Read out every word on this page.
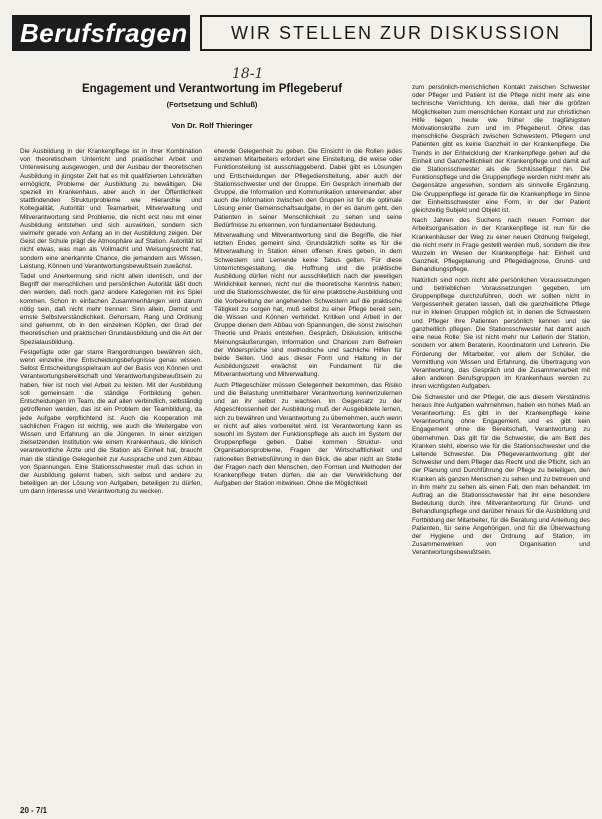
Berufsfragen	WIR STELLEN ZUR DISKUSSION
18-1
Engagement und Verantwortung im Pflegeberuf
(Fortsetzung und Schluß)
Von Dr. Rolf Thieringer

Die Ausbildung in der Krankenpflege ist in ihrer Kombination von theoretischem Unterricht und praktischer Arbeit und Unterweisung ausgewogen, und der Ausbau der theoretischen Ausbildung in jüngster Zeit hat es mit qualifizierten Lehrkräften ermöglicht, Probleme der Ausbildung zu bewältigen. Die speziell im Krankenhaus, aber auch in der Öffentlichkeit stattfindenden Strukturprobleme wie Hierarchie und Kollegialität, Autorität und Teamarbeit, Mitverwaltung und Mitverantwortung sind Probleme, die nicht erst neu mit einer Ausbildung entstehen und sich auswirken, sondern sich vielmehr gerade von Anfang an in der Ausbildung zeigen. Der Geist der Schule prägt die Atmosphäre auf Station. Autorität ist nicht etwas, was man als Vollmacht und Weisungsrecht hat, sondern eine anerkannte Chance, die jemandem aus Wissen, Leistung, Können und Verantwortungsbewußtsein zuwächst.

Tadel und Anerkennung sind nicht allein identisch, und der Begriff der menschlichen und persönlichen Autorität läßt doch den werden, daß noch ganz andere Kategorien mit ins Spiel kommen. Schon in einfachen Zusammenhängen wird darum nötig sein, daß nicht mehr trennen: Sinn allein, Demut und ernste Selbstverständlichkeit. Gehorsam, Rang und Ordnung sind gehemmt, ob in den einzelnen Köpfen, der Grad der theoretischen und praktischen Grundausbildung und die Art der Spezialausbildung.

Festgefügte oder gar starre Rangordnungen bewähren sich, wenn einzelne ihre Entscheidungsbefugnisse genau wissen. Selbst Entscheidungsspielraum auf der Basis von Können und Verantwortungsbereitschaft und Verantwortungsbewußtsein zu haben, hier ist noch viel Arbeit zu leisten. Mit der Ausbildung soll gemeinsam die ständige Fortbildung gehen. Entscheidungen im Team, die auf allen verbindlich, selbständig getroffenen werden, das ist ein Problem der Teambildung, da jede Aufgabe verpflichtend ist. Auch die Kooperation mit sachlichen Fragen ist wichtig, wie auch die Weitergabe von Wissen und Erfahrung an die Jüngeren. In einer einzigen zielsetzenden Institution wie einem Krankenhaus, die klinisch verantwortliche Ärzte und die Station als Einheit hat, braucht man die ständige Gelegenheit zur Aussprache und zum Abbau von Spannungen. Eine Stationsschwester muß das schon in der Ausbildung gelernt haben, sich selbst und andere zu beteiligen an der Lösung von Aufgaben, beteiligen zu dürfen, um dann Interesse und Verantwortung zu wecken.

ehende Gelegenheit zu geben. Die Einsicht in die Rollen jedes einzelnen Mitarbeiters erfordert eine Einstellung, die weise oder Funktionsteilung ist ausschlaggebend. Dabei gibt es Lösungen und Entscheidungen der Pflegedienstleitung, aber auch der Stationsschwester und der Gruppe. Ein Gespräch innerhalb der Gruppe, die Information und Kommunikation untereinander, aber auch die Information zwischen den Gruppen ist für die optimale Lösung einer Gemeinschaftsaufgabe, in der es darum geht, den Patienten in seiner Menschlichkeit zu sehen und seine Bedürfnisse zu erkennen, von fundamentaler Bedeutung.

Mitverwaltung und Mitverantwortung sind die Begriffe, die hier letzten Endes gemeint sind. Grundsätzlich sollte es für die Mitverwaltung in Station einen offenen Kreis geben, in dem Schwestern und Lernende keine Tabus gelten. Für diese Unterrichtsgestaltung, die Hoffnung und die praktische Ausbildung dürfen nicht nur ausschließlich nach der jeweiligen Wirklichkeit kennen, nicht nur die theoretische Kenntnis haben; und die Stationsschwester, die für eine praktische Ausbildung und die Vorbereitung der angehenden Schwestern auf die praktische Tätigkeit zu sorgen hat, muß selbst zu einer Pflege bereit sein, die Wissen und Können verbindet. Kritiken und Arbeit in der Gruppe dienen dem Abbau von Spannungen, die sonst zwischen Theorie und Praxis entstehen. Gespräch, Diskussion, kritische Meinungsäußerungen, Information und Chancen zum Befreien der Widersprüche sind methodische und sachliche Hilfen für beide Seiten. Und aus dieser Form und Haltung in der Ausbildungszeit erwächst ein Fundament für die Mitverantwortung und Mitverwaltung.

Auch Pflegeschüler müssen Gelegenheit bekommen, das Risiko und die Belastung unmittelbarer Verantwortung kennenzulernen und an ihr selbst zu wachsen. Im Gegensatz zu der Abgeschlossenheit der Ausbildung muß der Ausgebildete lernen, sich zu bewähren und Verantwortung zu übernehmen, auch wenn er nicht auf alles vorbereitet wird. Ist Verantwortung kann es sowohl im System der Funktionspflege als auch im System der Gruppenpflege geben. Dabei kommen Struktur- und Organisationsprobleme, Fragen der Wirtschaftlichkeit und rationellen Betriebsführung in den Blick, die aber nicht an Stelle der Fragen nach den Menschen, den Formen und Methoden der Krankenpflege treten dürfen, die an der Verwirklichung der Aufgaben der Station mitwirken. Ohne die Möglichkeit

zum persönlich-menschlichen Kontakt zwischen Schwester oder Pfleger und Patient ist die Pflege nicht mehr als eine technische Verrichtung. Ich denke, daß hier die größten Möglichkeiten zum menschlichen Kontakt und zur christlichen Hilfe liegen heute wie früher die tragfähigsten Motivationskräfte zum und im Pflegeberuf. Ohne das menschliche Gespräch zwischen Schwestern, Pflegern und Patienten gibt es keine Ganzheit in der Krankenpflege. Die Trends in der Entwicklung der Krankenpflege gehen auf die Einheit und Ganzheitlichkeit der Krankenpflege und damit auf die Stationsschwester als die Schlüsselfigur hin. Die Funktionspflege und die Gruppenpflege werden nicht mehr als Gegensätze angesehen, sondern als sinnvolle Ergänzung. Die Gruppenpflege ist gerade für die Krankenpflege im Sinne der Einheitsschwester eine Form, in der der Patient gleichzeitig Subjekt und Objekt ist.

Nach Jahren des Suchens nach neuen Formen der Arbeitsorganisation in der Krankenpflege ist nun für die Krankenhäuser der Weg zu einer neuen Ordnung freigelegt, die nicht mehr in Frage gestellt werden muß, sondern die ihre Wurzeln im Wesen der Krankenpflege hat: Einheit und Ganzheit, Pflegeplanung und Pflegediagnose, Grund- und Behandlungspflege.

Natürlich sind noch nicht alle persönlichen Voraussetzungen und betrieblichen Voraussetzungen gegeben, um Gruppenpflege durchzuführen, doch wir sollten nicht in Vergessenheit geraten lassen, daß die ganzheitliche Pflege nur in kleinen Gruppen möglich ist, in denen die Schwestern und Pfleger ihre Patienten persönlich kennen und sie ganzheitlich pflegen. Die Stationsschwester hat damit auch eine neue Rolle: Sie ist nicht mehr nur Leiterin der Station, sondern vor allem Beraterin, Koordinatorin und Lehrerin. Die Förderung der Mitarbeiter, vor allem der Schüler, die Vermittlung von Wissen und Erfahrung, die Übertragung von Verantwortung, das Gespräch und die Zusammenarbeit mit allen anderen Berufsgruppen im Krankenhaus werden zu ihren wichtigsten Aufgaben.

Die Schwester und der Pfleger, die aus diesem Verständnis heraus ihre Aufgaben wahrnehmen, haben ein hohes Maß an Verantwortung. Es gibt in der Krankenpflege keine Verantwortung ohne Engagement, und es gibt kein Engagement ohne die Bereitschaft, Verantwortung zu übernehmen. Das gilt für die Schwester, die am Bett des Kranken steht, ebenso wie für die Stationsschwester und die Leitende Schwester. Die Pflegeverantwortung gibt der Schwester und dem Pfleger das Recht und die Pflicht, sich an der Planung und Durchführung der Pflege zu beteiligen, den Kranken als ganzen Menschen zu sehen und zu betreuen und in ihm mehr zu sehen als einen Fall, den man behandelt. Im Auftrag an die Stationsschwester hat ihr eine besondere Bedeutung durch ihre Mitverantwortung für Grund- und Behandlungspflege und darüber hinaus für die Ausbildung und Fortbildung der Mitarbeiter, für die Beratung und Anleitung des Patienten, für seine Angehörigen, und für die Überwachung der Hygiene und der Ordnung auf Station, im Zusammenwirken von Organisation und Verantwortungsbewußtsein.

20 - 7/1
